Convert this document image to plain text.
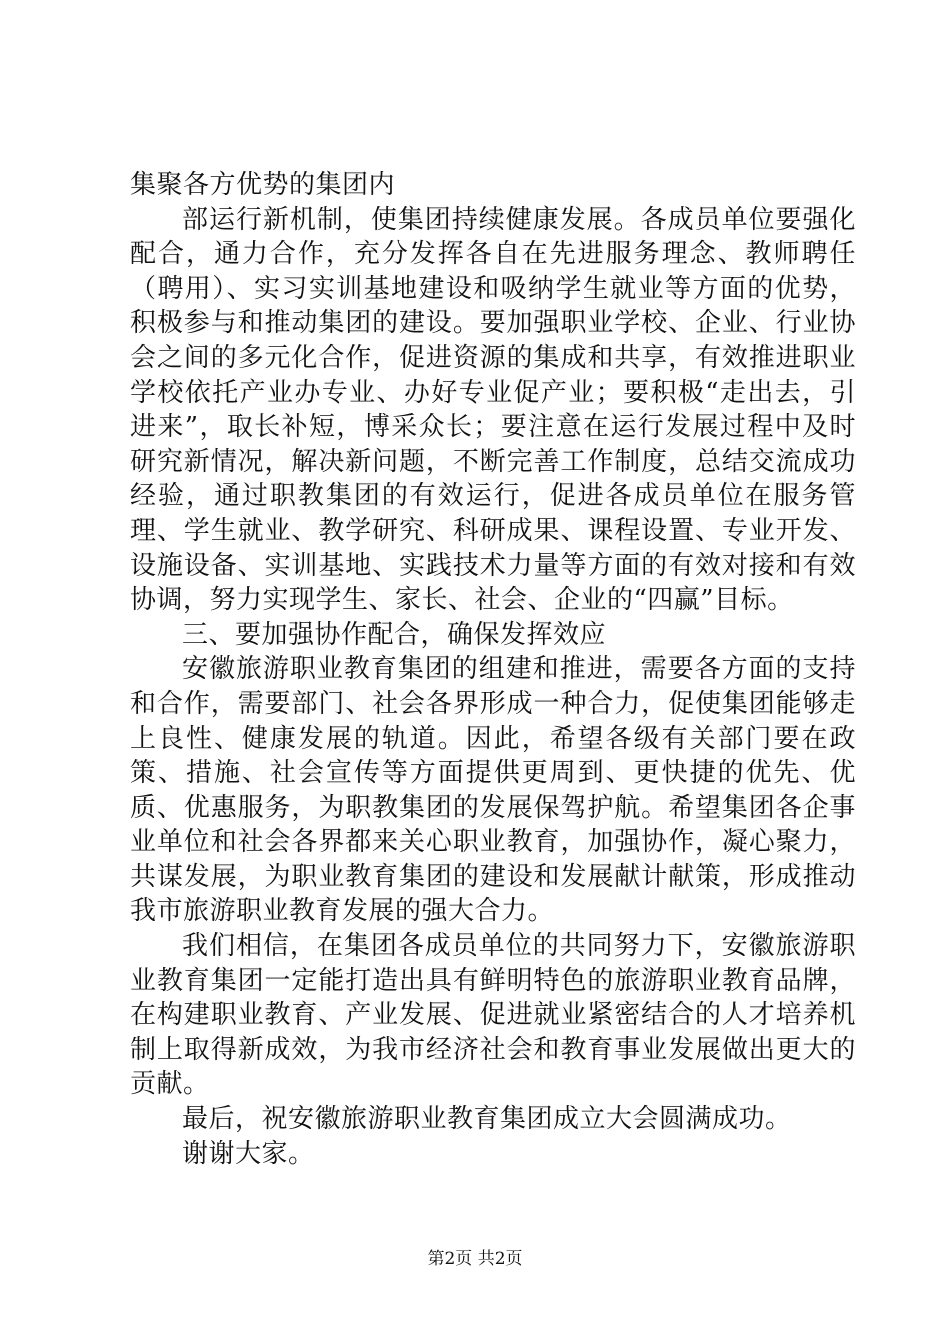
集聚各方优势的集团内

部运行新机制，使集团持续健康发展。各成员单位要强化配合，通力合作，充分发挥各自在先进服务理念、教师聘任（聘用）、实习实训基地建设和吸纳学生就业等方面的优势，积极参与和推动集团的建设。要加强职业学校、企业、行业协会之间的多元化合作，促进资源的集成和共享，有效推进职业学校依托产业办专业、办好专业促产业；要积极“走出去，引进来”，取长补短，博采众长；要注意在运行发展过程中及时研究新情况，解决新问题，不断完善工作制度，总结交流成功经验，通过职教集团的有效运行，促进各成员单位在服务管理、学生就业、教学研究、科研成果、课程设置、专业开发、设施设备、实训基地、实践技术力量等方面的有效对接和有效协调，努力实现学生、家长、社会、企业的“四赢”目标。

三、要加强协作配合，确保发挥效应

安徽旅游职业教育集团的组建和推进，需要各方面的支持和合作，需要部门、社会各界形成一种合力，促使集团能够走上良性、健康发展的轨道。因此，希望各级有关部门要在政策、措施、社会宣传等方面提供更周到、更快捷的优先、优质、优惠服务，为职教集团的发展保驾护航。希望集团各企事业单位和社会各界都来关心职业教育，加强协作，凝心聚力，共谋发展，为职业教育集团的建设和发展献计献策，形成推动我市旅游职业教育发展的强大合力。

我们相信，在集团各成员单位的共同努力下，安徽旅游职业教育集团一定能打造出具有鲜明特色的旅游职业教育品牌，在构建职业教育、产业发展、促进就业紧密结合的人才培养机制上取得新成效，为我市经济社会和教育事业发展做出更大的贡献。

最后，祝安徽旅游职业教育集团成立大会圆满成功。

谢谢大家。

第2页 共2页
